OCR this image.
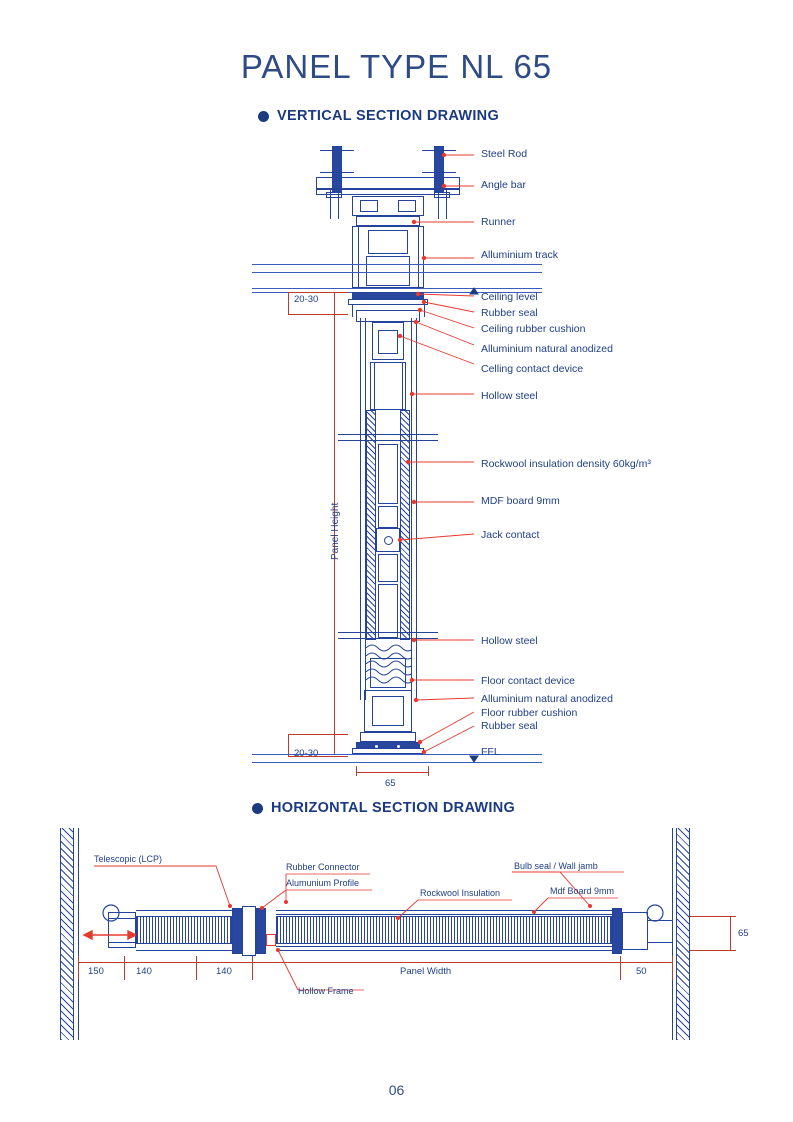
PANEL TYPE NL 65
VERTICAL SECTION DRAWING
20-30
20-30
Panel Height
65
Steel Rod
Angle bar
Runner
Alluminium track
Ceiling level
Rubber seal
Ceiling rubber cushion
Alluminium natural anodized
Celling contact device
Hollow steel
Rockwool insulation density 60kg/m³
MDF board 9mm
Jack contact
Hollow steel
Floor contact device
Alluminium natural anodized
Floor rubber cushion
Rubber seal
FFL
HORIZONTAL SECTION DRAWING
65
150	140	140	Panel Width	50
Telescopic (LCP)
Rubber Connector
Alumunium Profile
Rockwool Insulation
Bulb seal / Wall jamb
Mdf Board 9mm
Hollow Frame
06
